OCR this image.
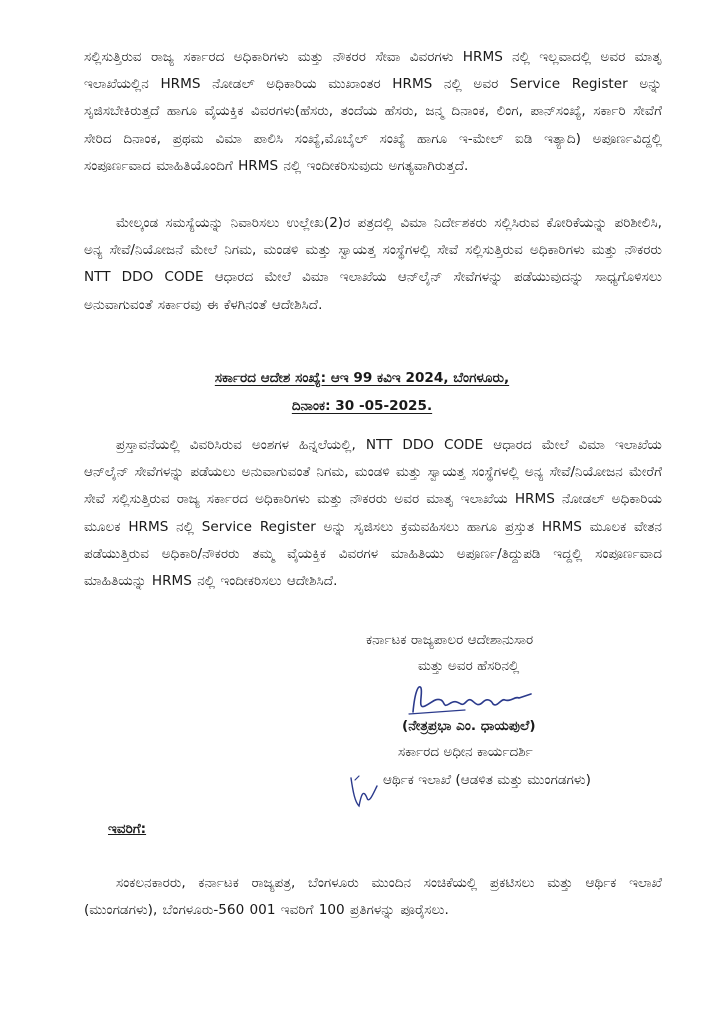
ಸಲ್ಲಿಸುತ್ತಿರುವ ರಾಜ್ಯ ಸರ್ಕಾರದ ಅಧಿಕಾರಿಗಳು ಮತ್ತು ನೌಕರರ ಸೇವಾ ವಿವರಗಳು HRMS ನಲ್ಲಿ ಇಲ್ಲವಾದಲ್ಲಿ ಅವರ ಮಾತೃ ಇಲಾಖೆಯಲ್ಲಿನ HRMS ನೋಡಲ್ ಅಧಿಕಾರಿಯ ಮುಖಾಂತರ HRMS ನಲ್ಲಿ ಅವರ Service Register ಅನ್ನು ಸೃಜಿಸಬೇಕಿರುತ್ತದೆ ಹಾಗೂ ವೈಯಕ್ತಿಕ ವಿವರಗಳು(ಹೆಸರು, ತಂದೆಯ ಹೆಸರು, ಜನ್ಮ ದಿನಾಂಕ, ಲಿಂಗ, ಪಾನ್‌ಸಂಖ್ಯೆ, ಸರ್ಕಾರಿ ಸೇವೆಗೆ ಸೇರಿದ ದಿನಾಂಕ, ಪ್ರಥಮ ವಿಮಾ ಪಾಲಿಸಿ ಸಂಖ್ಯೆ,ಮೊಬೈಲ್ ಸಂಖ್ಯೆ ಹಾಗೂ ಇ-ಮೇಲ್ ಐಡಿ ಇತ್ಯಾದಿ) ಅಪೂರ್ಣವಿದ್ದಲ್ಲಿ ಸಂಪೂರ್ಣವಾದ ಮಾಹಿತಿಯೊಂದಿಗೆ HRMS ನಲ್ಲಿ ಇಂದೀಕರಿಸುವುದು ಅಗತ್ಯವಾಗಿರುತ್ತದೆ.

ಮೇಲ್ಕಂಡ ಸಮಸ್ಯೆಯನ್ನು ನಿವಾರಿಸಲು ಉಲ್ಲೇಖ(2)ರ ಪತ್ರದಲ್ಲಿ ವಿಮಾ ನಿರ್ದೇಶಕರು ಸಲ್ಲಿಸಿರುವ ಕೋರಿಕೆಯನ್ನು ಪರಿಶೀಲಿಸಿ, ಅನ್ಯ ಸೇವೆ/ನಿಯೋಜನೆ ಮೇಲೆ ನಿಗಮ, ಮಂಡಳಿ ಮತ್ತು ಸ್ವಾಯತ್ತ ಸಂಸ್ಥೆಗಳಲ್ಲಿ ಸೇವೆ ಸಲ್ಲಿಸುತ್ತಿರುವ ಅಧಿಕಾರಿಗಳು ಮತ್ತು ನೌಕರರು NTT DDO CODE ಆಧಾರದ ಮೇಲೆ ವಿಮಾ ಇಲಾಖೆಯ ಆನ್‌ಲೈನ್ ಸೇವೆಗಳನ್ನು ಪಡೆಯುವುದನ್ನು ಸಾಧ್ಯಗೊಳಿಸಲು ಅನುವಾಗುವಂತೆ ಸರ್ಕಾರವು ಈ ಕೆಳಗಿನಂತೆ ಆದೇಶಿಸಿದೆ.

ಸರ್ಕಾರದ ಆದೇಶ ಸಂಖ್ಯೆ: ಆಇ 99 ಕವಿಇ 2024, ಬೆಂಗಳೂರು,
ದಿನಾಂಕ: 30 -05-2025.

ಪ್ರಸ್ತಾವನೆಯಲ್ಲಿ ವಿವರಿಸಿರುವ ಅಂಶಗಳ ಹಿನ್ನಲೆಯಲ್ಲಿ, NTT DDO CODE ಆಧಾರದ ಮೇಲೆ ವಿಮಾ ಇಲಾಖೆಯ ಆನ್‌ಲೈನ್ ಸೇವೆಗಳನ್ನು ಪಡೆಯಲು ಅನುವಾಗುವಂತೆ ನಿಗಮ, ಮಂಡಳಿ ಮತ್ತು ಸ್ವಾಯತ್ತ ಸಂಸ್ಥೆಗಳಲ್ಲಿ ಅನ್ಯ ಸೇವೆ/ನಿಯೋಜನ ಮೇರೆಗೆ ಸೇವೆ ಸಲ್ಲಿಸುತ್ತಿರುವ ರಾಜ್ಯ ಸರ್ಕಾರದ ಅಧಿಕಾರಿಗಳು ಮತ್ತು ನೌಕರರು ಅವರ ಮಾತೃ ಇಲಾಖೆಯ HRMS ನೋಡಲ್ ಅಧಿಕಾರಿಯ ಮೂಲಕ HRMS ನಲ್ಲಿ Service Register ಅನ್ನು ಸೃಜಿಸಲು ಕ್ರಮವಹಿಸಲು ಹಾಗೂ ಪ್ರಸ್ತುತ HRMS ಮೂಲಕ ವೇತನ ಪಡೆಯುತ್ತಿರುವ ಅಧಿಕಾರಿ/ನೌಕರರು ತಮ್ಮ ವೈಯಕ್ತಿಕ ವಿವರಗಳ ಮಾಹಿತಿಯು ಅಪೂರ್ಣ/ತಿದ್ದುಪಡಿ ಇದ್ದಲ್ಲಿ ಸಂಪೂರ್ಣವಾದ ಮಾಹಿತಿಯನ್ನು HRMS ನಲ್ಲಿ ಇಂದೀಕರಿಸಲು ಆದೇಶಿಸಿದೆ.

ಕರ್ನಾಟಕ ರಾಜ್ಯಪಾಲರ ಆದೇಶಾನುಸಾರ
ಮತ್ತು ಅವರ ಹೆಸರಿನಲ್ಲಿ
(ನೇತ್ರಪ್ರಭಾ ಎಂ. ಧಾಯಪುಲೆ)
ಸರ್ಕಾರದ ಅಧೀನ ಕಾರ್ಯದರ್ಶಿ
ಆರ್ಥಿಕ ಇಲಾಖೆ (ಆಡಳಿತ ಮತ್ತು ಮುಂಗಡಗಳು)
ಇವರಿಗೆ:

ಸಂಕಲನಕಾರರು, ಕರ್ನಾಟಕ ರಾಜ್ಯಪತ್ರ, ಬೆಂಗಳೂರು ಮುಂದಿನ ಸಂಚಿಕೆಯಲ್ಲಿ ಪ್ರಕಟಿಸಲು ಮತ್ತು ಆರ್ಥಿಕ ಇಲಾಖೆ (ಮುಂಗಡಗಳು), ಬೆಂಗಳೂರು-560 001 ಇವರಿಗೆ 100 ಪ್ರತಿಗಳನ್ನು ಪೂರೈಸಲು.
